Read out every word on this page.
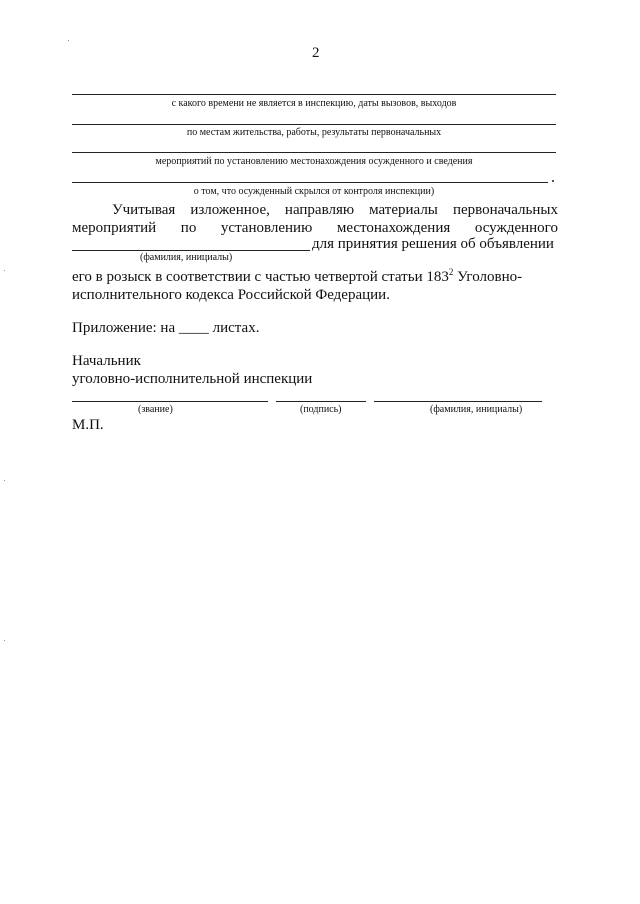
2
с какого времени не является в инспекцию, даты вызовов, выходов
по местам жительства, работы, результаты первоначальных
мероприятий по установлению местонахождения осужденного и сведения
о том, что осужденный скрылся от контроля инспекции)
Учитывая изложенное, направляю материалы первоначальных
мероприятий по установлению местонахождения осужденного
для принятия решения об объявлении
(фамилия, инициалы)
его в розыск в соответствии с частью четвертой статьи $183^2$ Уголовно-
исполнительного кодекса Российской Федерации.
Приложение: на ____ листах.
Начальник
уголовно-исполнительной инспекции
(звание)	(подпись)	(фамилия, инициалы)
М.П.
